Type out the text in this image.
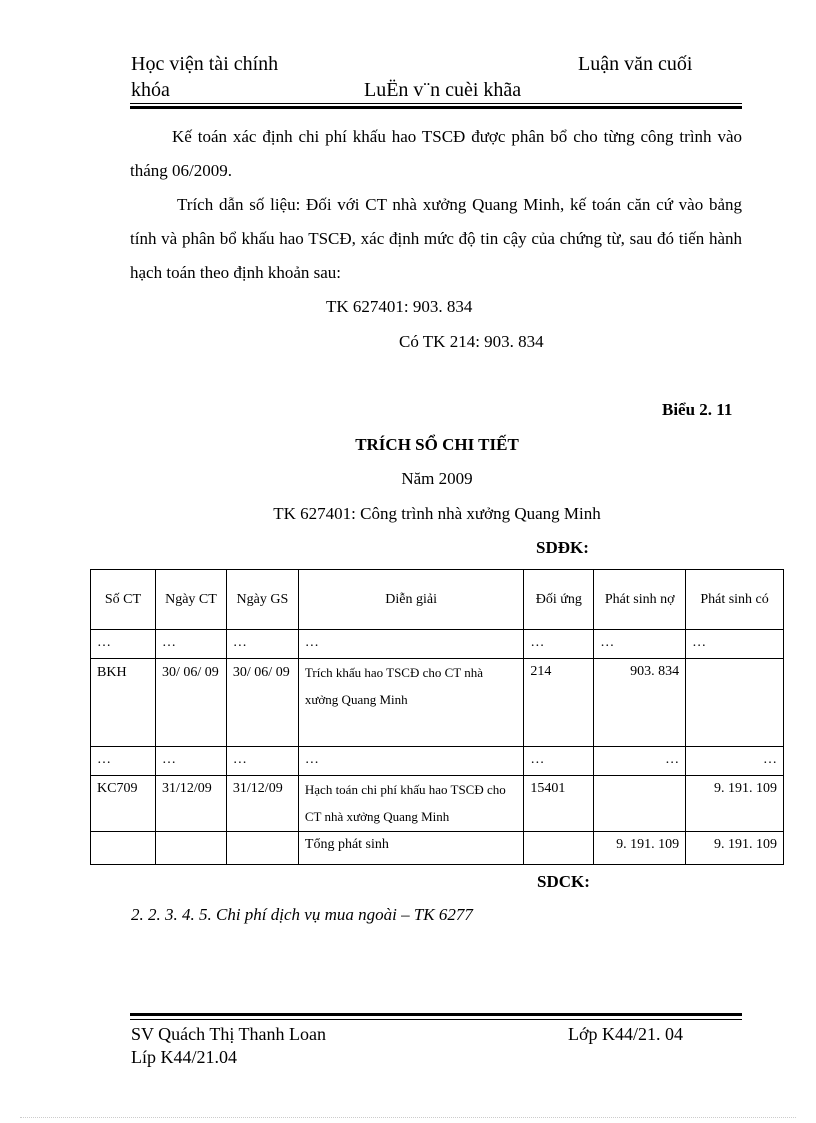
Học viện tài chính	Luận văn cuối
khóa	LuËn v¨n cuèi khãa
Kế toán xác định chi phí khấu hao TSCĐ được phân bổ cho từng công trình vào tháng 06/2009.
Trích dẫn số liệu: Đối với CT nhà xưởng Quang Minh, kế toán căn cứ vào bảng tính và phân bổ khấu hao TSCĐ, xác định mức độ tin cậy của chứng từ, sau đó tiến hành hạch toán theo định khoản sau:
TK 627401: 903. 834
Có TK 214: 903. 834
Biểu 2. 11
TRÍCH SỔ CHI TIẾT
Năm 2009
TK 627401: Công trình nhà xưởng Quang Minh
SDĐK:
Số CT	Ngày CT	Ngày GS	Diễn giải	Đối ứng	Phát sinh nợ	Phát sinh có
…	…	…	…	…	…	…
BKH	30/ 06/ 09	30/ 06/ 09	Trích khấu hao TSCĐ cho CT nhà xưởng Quang Minh	214	903. 834	
…	…	…	…	…	…	…
KC709	31/12/09	31/12/09	Hạch toán chi phí khấu hao TSCĐ cho CT nhà xưởng Quang Minh	15401		9. 191. 109
			Tổng phát sinh		9. 191. 109	9. 191. 109
SDCK:
2. 2. 3. 4. 5. Chi phí dịch vụ mua ngoài – TK 6277
SV Quách Thị Thanh Loan	Lớp K44/21. 04
Líp K44/21.04
